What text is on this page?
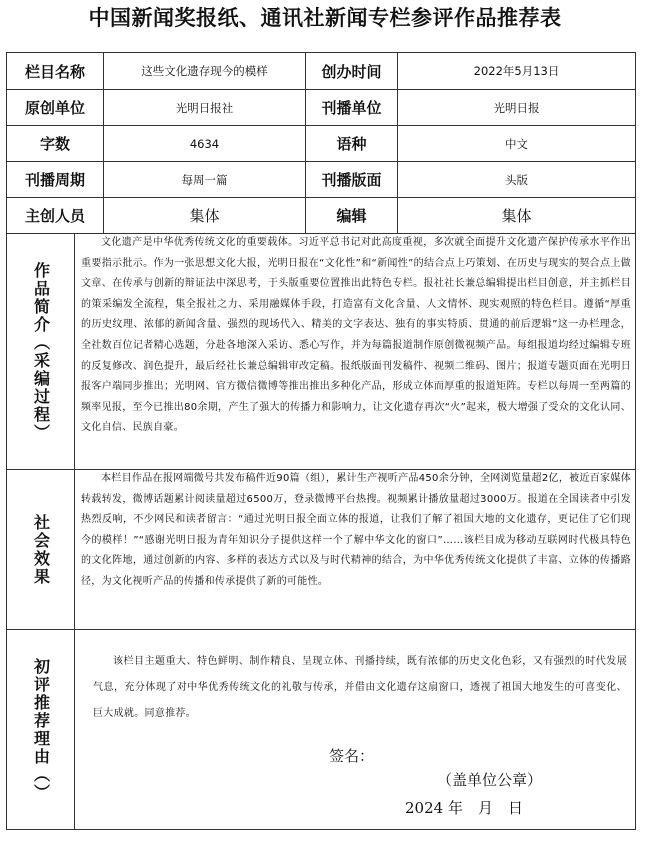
中国新闻奖报纸、通讯社新闻专栏参评作品推荐表
栏目名称	这些文化遗存现今的模样	创办时间	2022年5月13日
原创单位	光明日报社	刊播单位	光明日报
字数	4634	语种	中文
刊播周期	每周一篇	刊播版面	头版
主创人员	集体	编辑	集体
作品简介（采编过程）
文化遗产是中华优秀传统文化的重要载体。习近平总书记对此高度重视，多次就全面提升文化遗产保护传承水平作出重要指示批示。作为一张思想文化大报，光明日报在“文化性”和“新闻性”的结合点上巧策划、在历史与现实的契合点上做文章、在传承与创新的辩证法中深思考，于头版重要位置推出此特色专栏。报社社长兼总编辑提出栏目创意，并主抓栏目的策采编发全流程，集全报社之力、采用融媒体手段，打造富有文化含量、人文情怀、现实观照的特色栏目。遵循“厚重的历史纹理、浓郁的新闻含量、强烈的现场代入、精美的文字表达、独有的事实特质、贯通的前后逻辑”这一办栏理念，全社数百位记者精心选题，分赴各地深入采访、悉心写作，并为每篇报道制作原创微视频产品。每组报道均经过编辑专班的反复修改、润色提升，最后经社长兼总编辑审改定稿。报纸版面刊发稿件、视频二维码、图片；报道专题页面在光明日报客户端同步推出；光明网、官方微信微博等推出推出多种化产品，形成立体而厚重的报道矩阵。专栏以每周一至两篇的频率见报，至今已推出80余期，产生了强大的传播力和影响力，让文化遗存再次“火”起来，极大增强了受众的文化认同、文化自信、民族自豪。
社会效果
本栏目作品在报网端微号共发布稿件近90篇（组），累计生产视听产品450余分钟，全网浏览量超2亿，被近百家媒体转载转发，微博话题累计阅读量超过6500万，登录微博平台热搜。视频累计播放量超过3000万。报道在全国读者中引发热烈反响，不少网民和读者留言：“通过光明日报全面立体的报道，让我们了解了祖国大地的文化遗存，更记住了它们现今的模样！”“感谢光明日报为青年知识分子提供这样一个了解中华文化的窗口”……该栏目成为移动互联网时代极具特色的文化阵地，通过创新的内容、多样的表达方式以及与时代精神的结合，为中华优秀传统文化提供了丰富、立体的传播路径，为文化视听产品的传播和传承提供了新的可能性。
初评推荐理由（）	该栏目主题重大、特色鲜明、制作精良、呈现立体、刊播持续，既有浓郁的历史文化色彩，又有强烈的时代发展气息，充分体现了对中华优秀传统文化的礼敬与传承，并借由文化遗存这扇窗口，透视了祖国大地发生的可喜变化、巨大成就。同意推荐。
签名：
（盖单位公章）
2024 年　月　日
